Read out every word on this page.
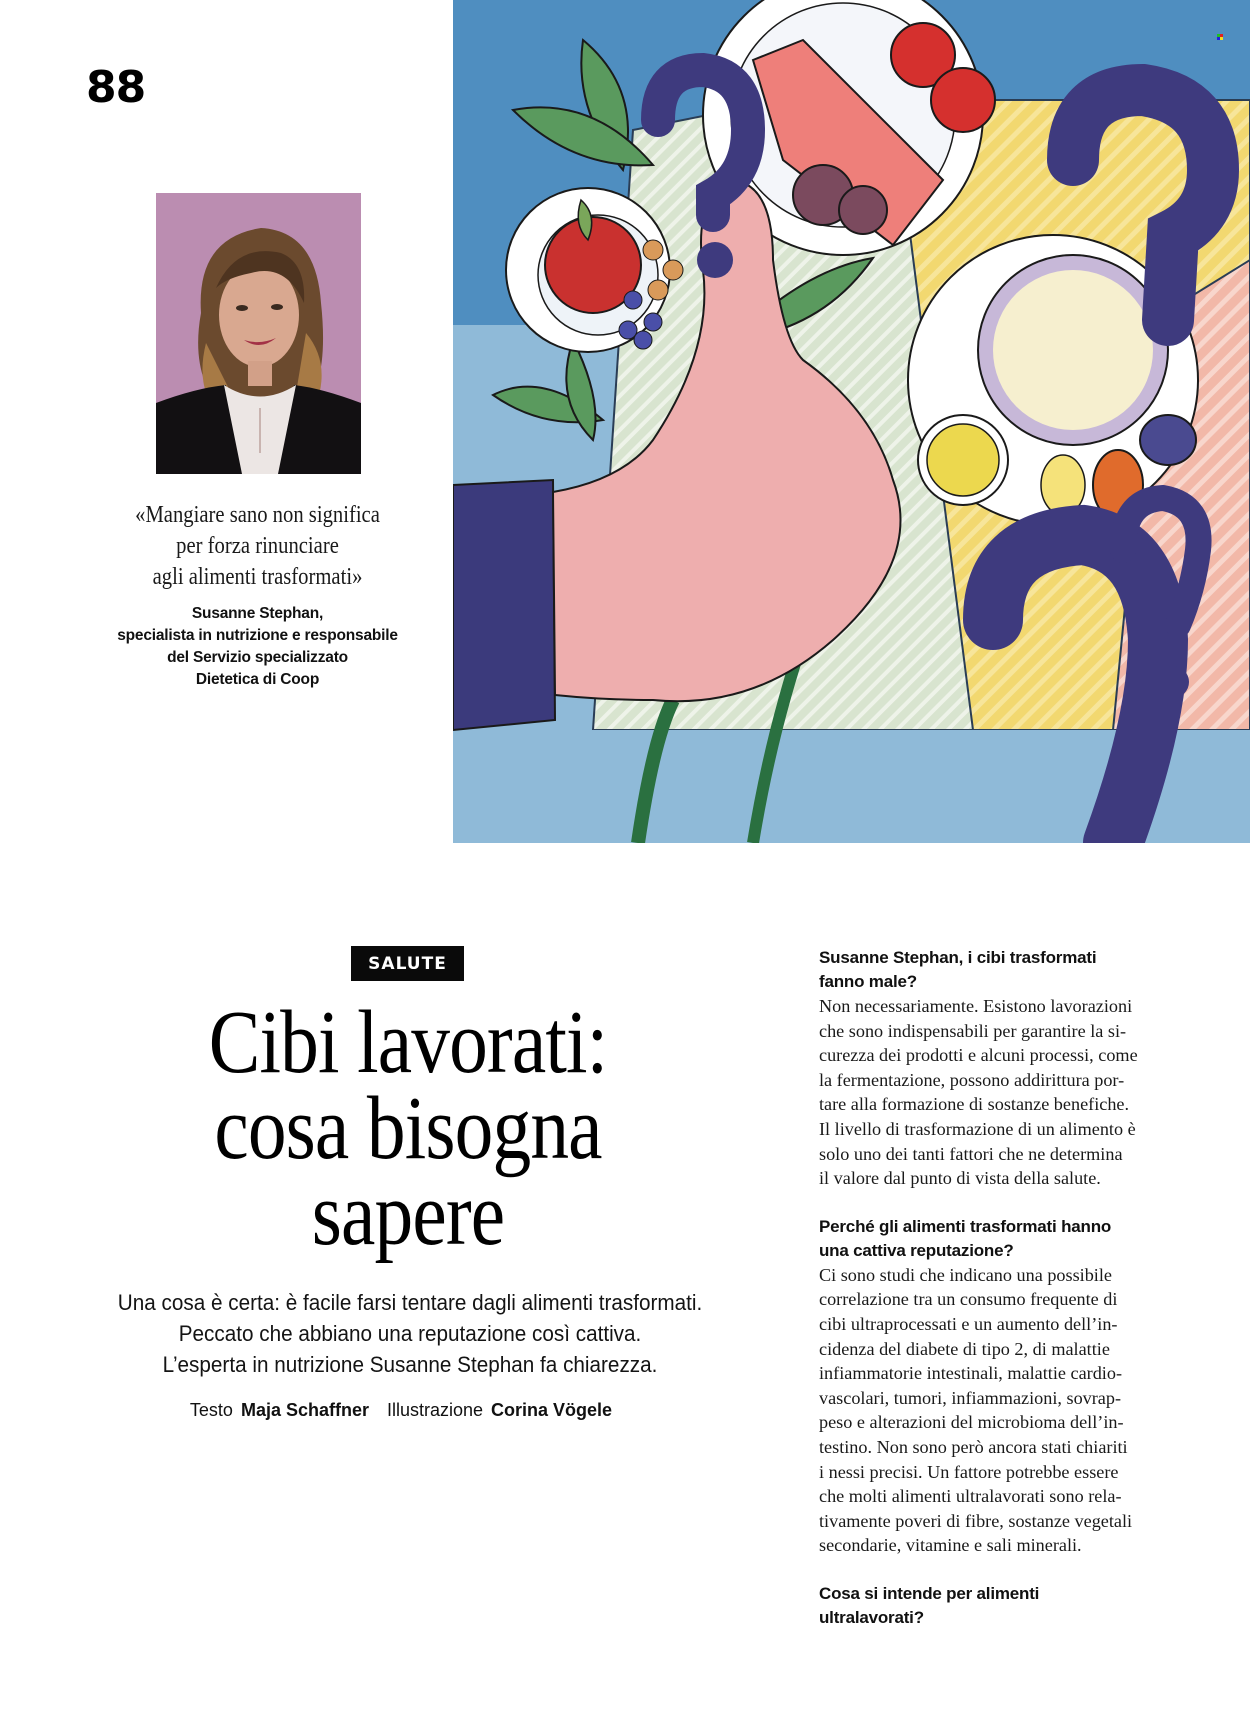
88
«Mangiare sano non significa
per forza rinunciare
agli alimenti trasformati»
Susanne Stephan,
specialista in nutrizione e responsabile
del Servizio specializzato
Dietetica di Coop
SALUTE
Cibi lavorati:
cosa bisogna
sapere
Una cosa è certa: è facile farsi tentare dagli alimenti trasformati.
Peccato che abbiano una reputazione così cattiva.
L’esperta in nutrizione Susanne Stephan fa chiarezza.
Testo Maja Schaffner Illustrazione Corina Vögele
Susanne Stephan, i cibi trasformati
fanno male?
Non necessariamente. Esistono lavorazioni
che sono indispensabili per garantire la si-
curezza dei prodotti e alcuni processi, come
la fermentazione, possono addirittura por-
tare alla formazione di sostanze benefiche.
Il livello di trasformazione di un alimento è
solo uno dei tanti fattori che ne determina
il valore dal punto di vista della salute.
Perché gli alimenti trasformati hanno
una cattiva reputazione?
Ci sono studi che indicano una possibile
correlazione tra un consumo frequente di
cibi ultraprocessati e un aumento dell’in-
cidenza del diabete di tipo 2, di malattie
infiammatorie intestinali, malattie cardio-
vascolari, tumori, infiammazioni, sovrap-
peso e alterazioni del microbioma dell’in-
testino. Non sono però ancora stati chiariti
i nessi precisi. Un fattore potrebbe essere
che molti alimenti ultralavorati sono rela-
tivamente poveri di fibre, sostanze vegetali
secondarie, vitamine e sali minerali.
Cosa si intende per alimenti
ultralavorati?
